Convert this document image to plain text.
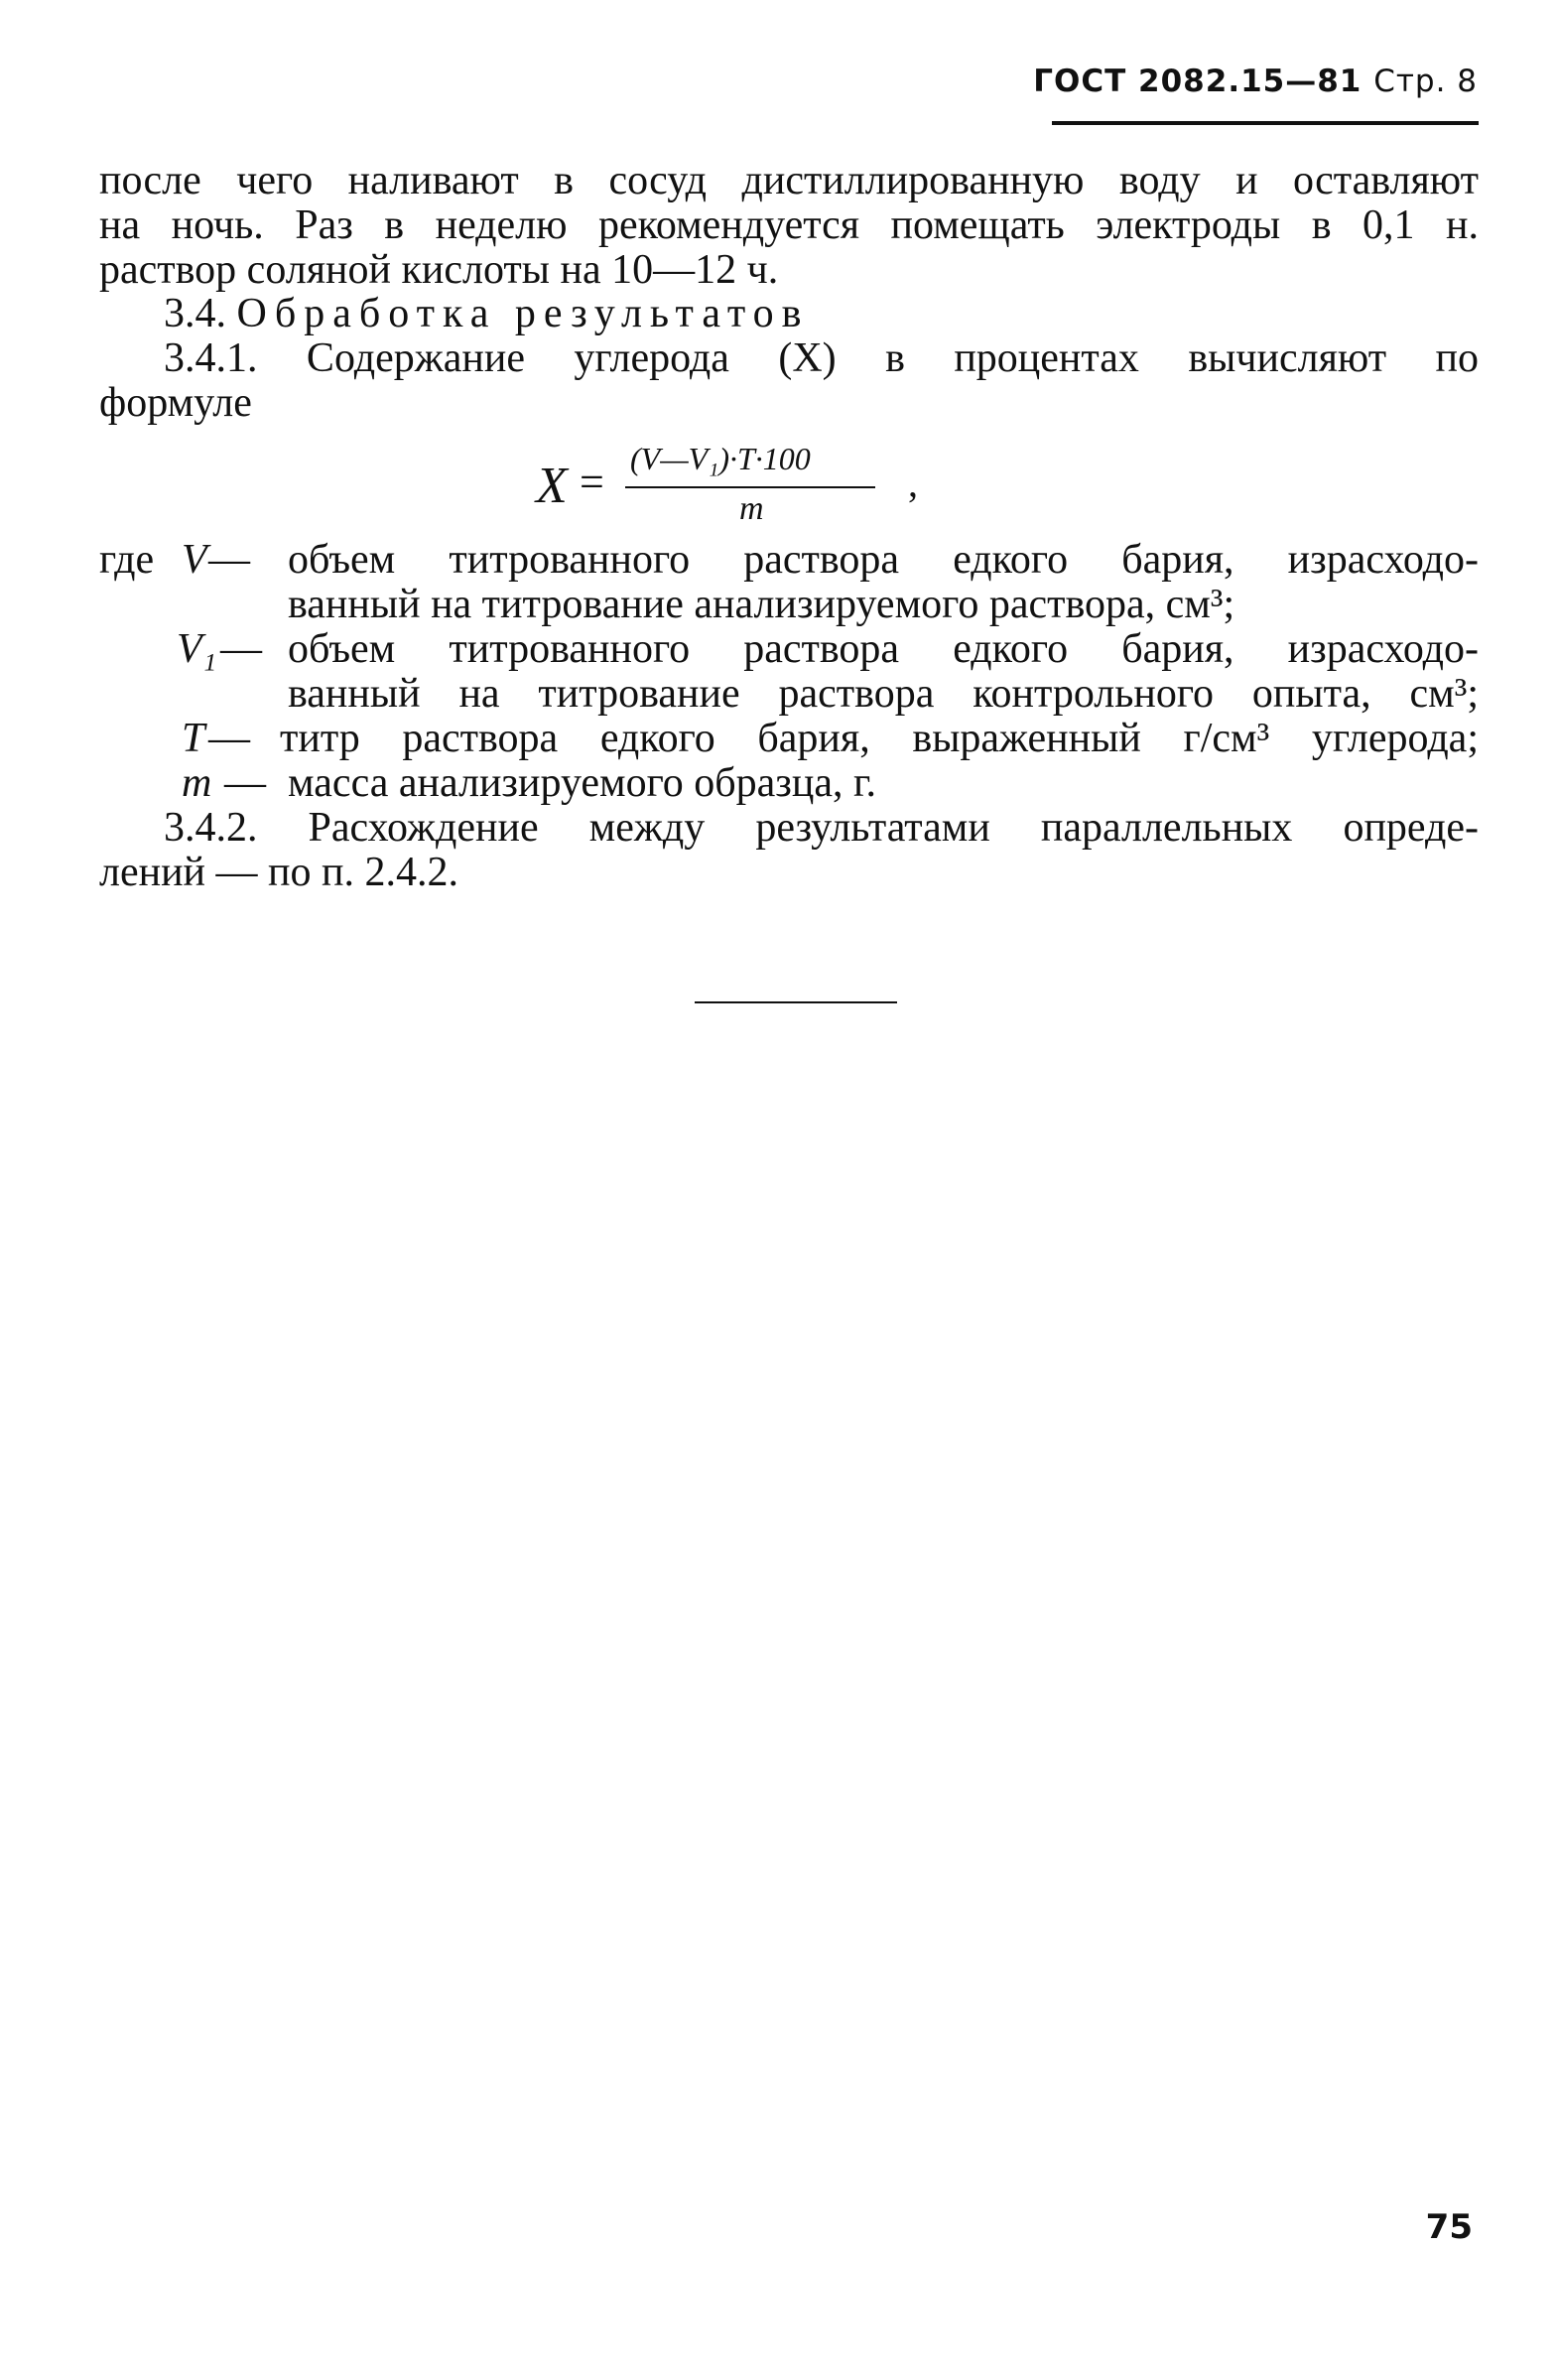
ГОСТ 2082.15—81 Стр. 8
после чего наливают в сосуд дистиллированную воду и оставляют
на ночь. Раз в неделю рекомендуется помещать электроды в 0,1 н.
раствор соляной кислоты на 10—12 ч.
3.4. Обработка результатов
3.4.1. Содержание углерода (X) в процентах вычисляют по
формуле
X = (V—V₁)·T·100
m
,
где V — объем титрованного раствора едкого бария, израсходо-
ванный на титрование анализируемого раствора, см³;
V₁ — объем титрованного раствора едкого бария, израсходо-
ванный на титрование раствора контрольного опыта, см³;
T — титр раствора едкого бария, выраженный г/см³ углерода;
m — масса анализируемого образца, г.
3.4.2. Расхождение между результатами параллельных опреде-
лений — по п. 2.4.2.
75
